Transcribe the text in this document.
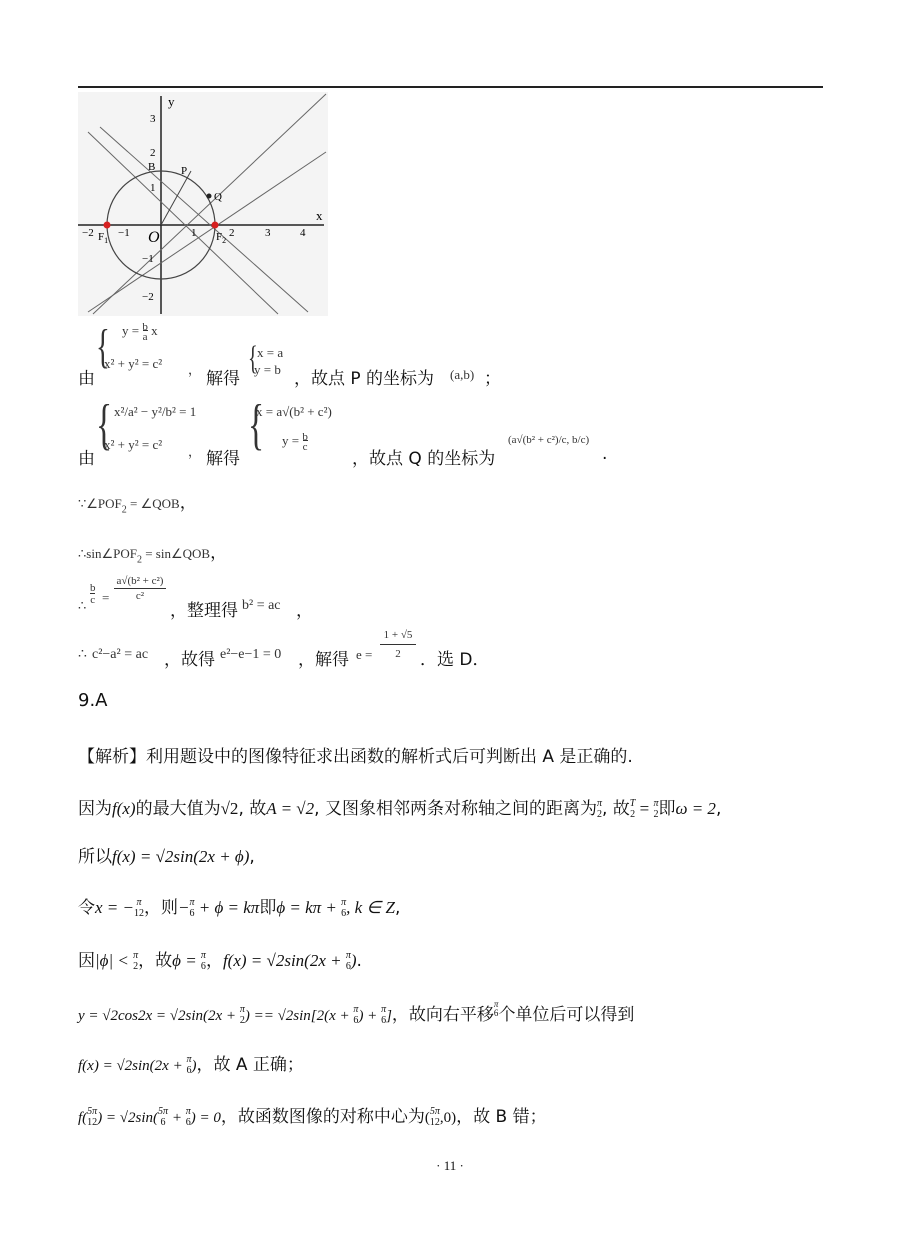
y
x
O
B P
Q
$F_1$	$F_2$
−2 −1	1	2	3	4
3
2
1
−1
−2
由
{ $y = \frac{b}{a}$ x
x² + y² = c² ， 解得
{ x = a
y = b ，故点 P 的坐标为 (a,b) ；
由
{ x²/a² − y²/b² = 1
x² + y² = c² ， 解得
{
x = a√(b² + c²)
$y = \frac{b}{c}$
，故点 Q 的坐标为
(a√(b² + c²)/c, b/c)
.
$\because\angle POF_2$ = ∠QOB，
$\therefore\sin\angle POF_2$ = sin∠QOB，
∴
b
c =
a√(b² + c²)
c²
，整理得 b² = ac ，
∴ c²−a² = ac ，故得 e²−e−1 = 0 ，解得 e =
1 + √5
2	．选 D．
9.A
【解析】利用题设中的图像特征求出函数的解析式后可判断出 A 是正确的.
因为f(x)的最大值为√2, 故A = √2, 又图象相邻两条对称轴之间的距离为π
2, 故T
2 = π
2即ω = 2,
所以f(x) = √2sin(2x + ϕ),
令x = − π
12，则−π
6 + ϕ = kπ即ϕ = kπ + π
6, k ∈ Z,
因|ϕ| < π
2，故ϕ = π
6，f(x) = √2sin(2x + π
6).
y = √2cos2x = √2sin(2x + π
2) == √2sin[2(x + π
6) + π
6]，故向右平移π
6个单位后可以得到
f(x) = √2sin(2x + π
6)，故 A 正确；
f(5π
12) = √2sin(5π
6 + π
6) = 0，故函数图像的对称中心为(5π
12,0)，故 B 错；
· 11 ·
